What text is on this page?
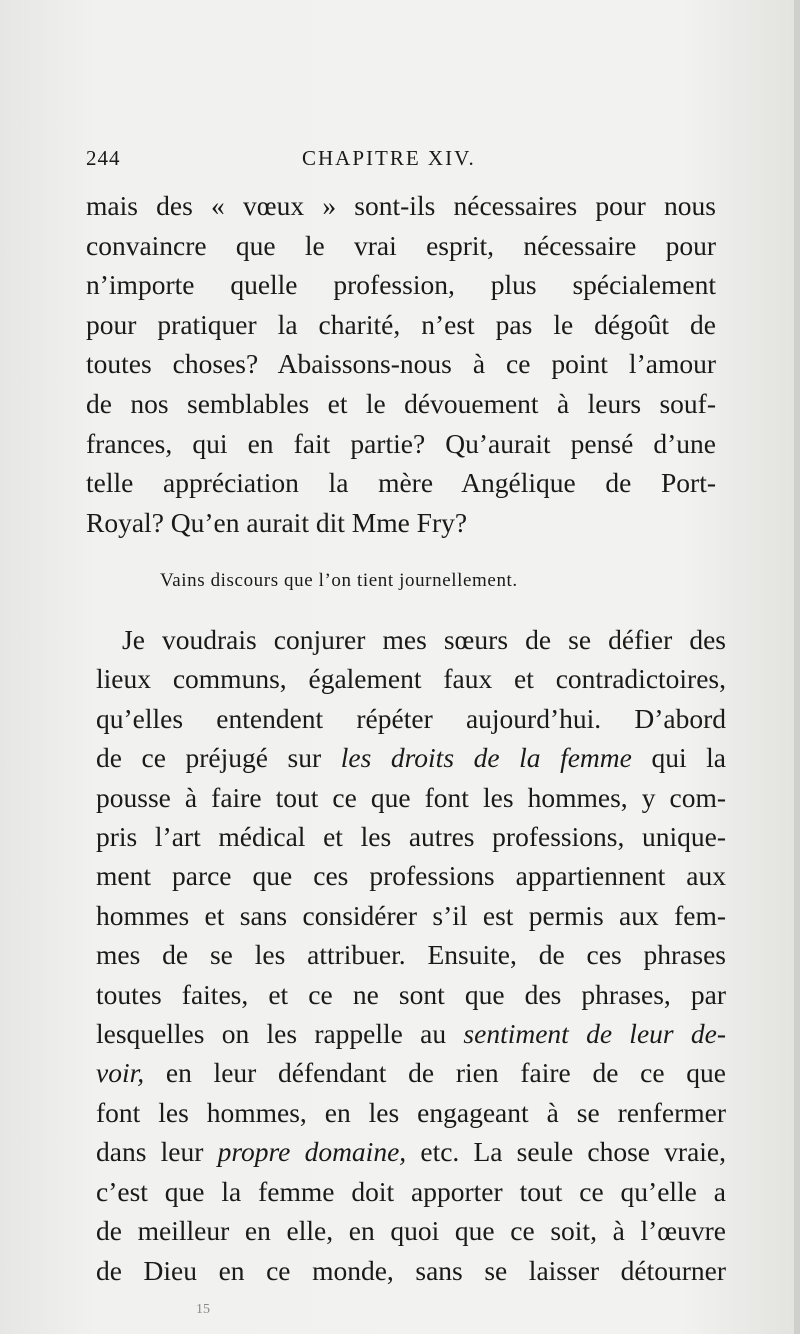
244	CHAPITRE XIV.
mais des « vœux » sont-ils nécessaires pour nous
convaincre que le vrai esprit, nécessaire pour
n’importe quelle profession, plus spécialement
pour pratiquer la charité, n’est pas le dégoût de
toutes choses? Abaissons-nous à ce point l’amour
de nos semblables et le dévouement à leurs souf-
frances, qui en fait partie? Qu’aurait pensé d’une
telle appréciation la mère Angélique de Port-
Royal? Qu’en aurait dit Mme Fry?
Vains discours que l’on tient journellement.
Je voudrais conjurer mes sœurs de se défier des
lieux communs, également faux et contradictoires,
qu’elles entendent répéter aujourd’hui. D’abord
de ce préjugé sur les droits de la femme qui la
pousse à faire tout ce que font les hommes, y com-
pris l’art médical et les autres professions, unique-
ment parce que ces professions appartiennent aux
hommes et sans considérer s’il est permis aux fem-
mes de se les attribuer. Ensuite, de ces phrases
toutes faites, et ce ne sont que des phrases, par
lesquelles on les rappelle au sentiment de leur de-
voir, en leur défendant de rien faire de ce que
font les hommes, en les engageant à se renfermer
dans leur propre domaine, etc. La seule chose vraie,
c’est que la femme doit apporter tout ce qu’elle a
de meilleur en elle, en quoi que ce soit, à l’œuvre
de Dieu en ce monde, sans se laisser détourner
15
